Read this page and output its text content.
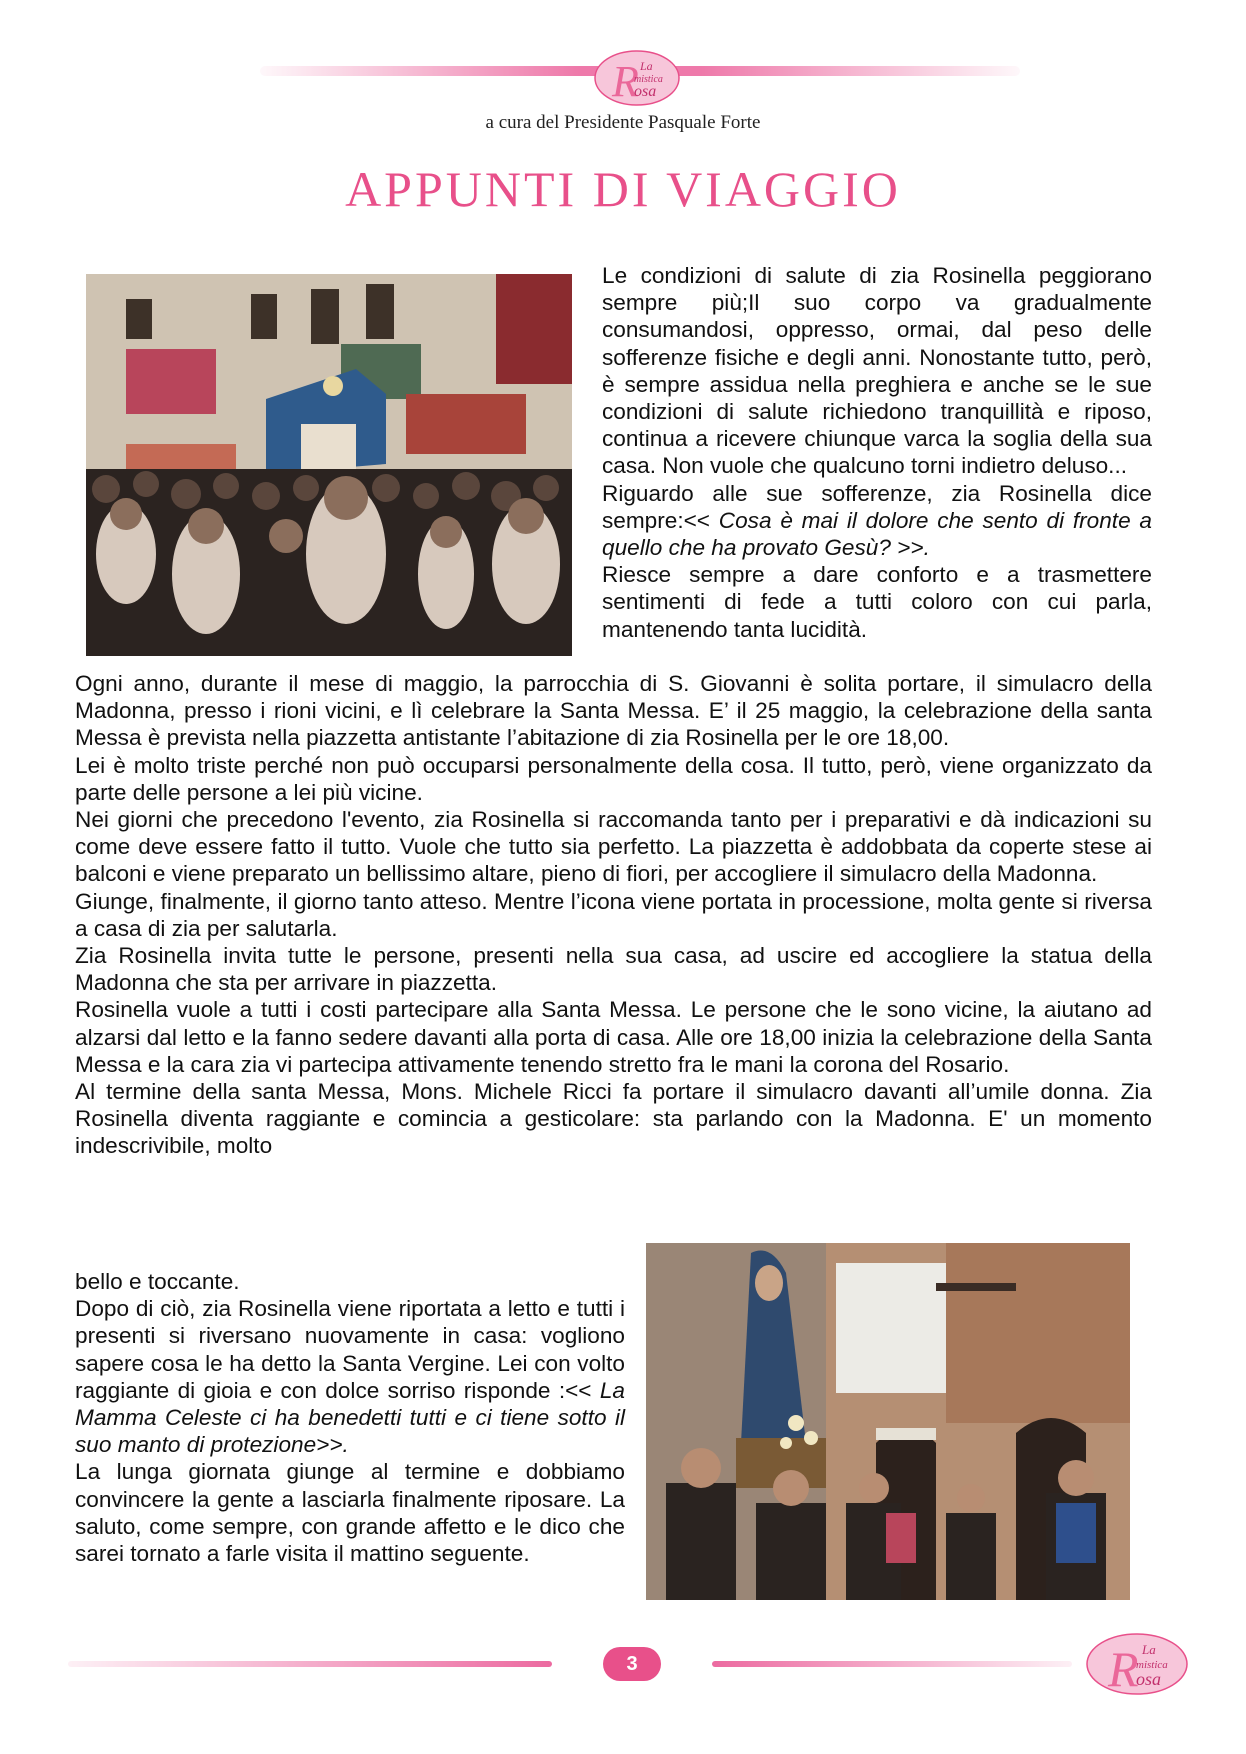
R La
mistica
osa
a cura del Presidente Pasquale Forte
APPUNTI DI VIAGGIO

Le condizioni di salute di zia Rosinella peggiorano sempre più;Il suo corpo va gradualmente consumandosi, oppresso, ormai, dal peso delle sofferenze fisiche e degli anni. Nonostante tutto, però, è sempre assidua nella preghiera e anche se le sue condizioni di salute richiedono tranquillità e riposo, continua a ricevere chiunque varca la soglia della sua casa. Non vuole che qualcuno torni indietro deluso...

Riguardo alle sue sofferenze, zia Rosinella dice sempre:<< Cosa è mai il dolore che sento di fronte a quello che ha provato Gesù? >>.

Riesce sempre a dare conforto e a trasmettere sentimenti di fede a tutti coloro con cui parla, mantenendo tanta lucidità.

Ogni anno, durante il mese di maggio, la parrocchia di S. Giovanni è solita portare, il simulacro della Madonna, presso i rioni vicini, e lì celebrare la Santa Messa. E’ il 25 maggio, la celebrazione della santa Messa è prevista nella piazzetta antistante l’abitazione di zia Rosinella per le ore 18,00.

Lei è molto triste perché non può occuparsi personalmente della cosa. Il tutto, però, viene organizzato da parte delle persone a lei più vicine.

Nei giorni che precedono l'evento, zia Rosinella si raccomanda tanto per i preparativi e dà indicazioni su come deve essere fatto il tutto. Vuole che tutto sia perfetto. La piazzetta è addobbata da coperte stese ai balconi e viene preparato un bellissimo altare, pieno di fiori, per accogliere il simulacro della Madonna.

Giunge, finalmente, il giorno tanto atteso. Mentre l’icona viene portata in processione, molta gente si riversa a casa di zia per salutarla.

Zia Rosinella invita tutte le persone, presenti nella sua casa, ad uscire ed accogliere la statua della Madonna che sta per arrivare in piazzetta.

Rosinella vuole a tutti i costi partecipare alla Santa Messa. Le persone che le sono vicine, la aiutano ad alzarsi dal letto e la fanno sedere davanti alla porta di casa. Alle ore 18,00 inizia la celebrazione della Santa Messa e la cara zia vi partecipa attivamente tenendo stretto fra le mani la corona del Rosario.

Al termine della santa Messa, Mons. Michele Ricci fa portare il simulacro davanti all’umile donna. Zia Rosinella diventa raggiante e comincia a gesticolare: sta parlando con la Madonna. E' un momento indescrivibile, molto

bello e toccante.

Dopo di ciò, zia Rosinella viene riportata a letto e tutti i presenti si riversano nuovamente in casa: vogliono sapere cosa le ha detto la Santa Vergine. Lei con volto raggiante di gioia e con dolce sorriso risponde :<< La Mamma Celeste ci ha benedetti tutti e ci tiene sotto il suo manto di protezione>>.

La lunga giornata giunge al termine e dobbiamo convincere la gente a lasciarla finalmente riposare. La saluto, come sempre, con grande affetto e le dico che sarei tornato a farle visita il mattino seguente.

3	R La
mistica
osa
